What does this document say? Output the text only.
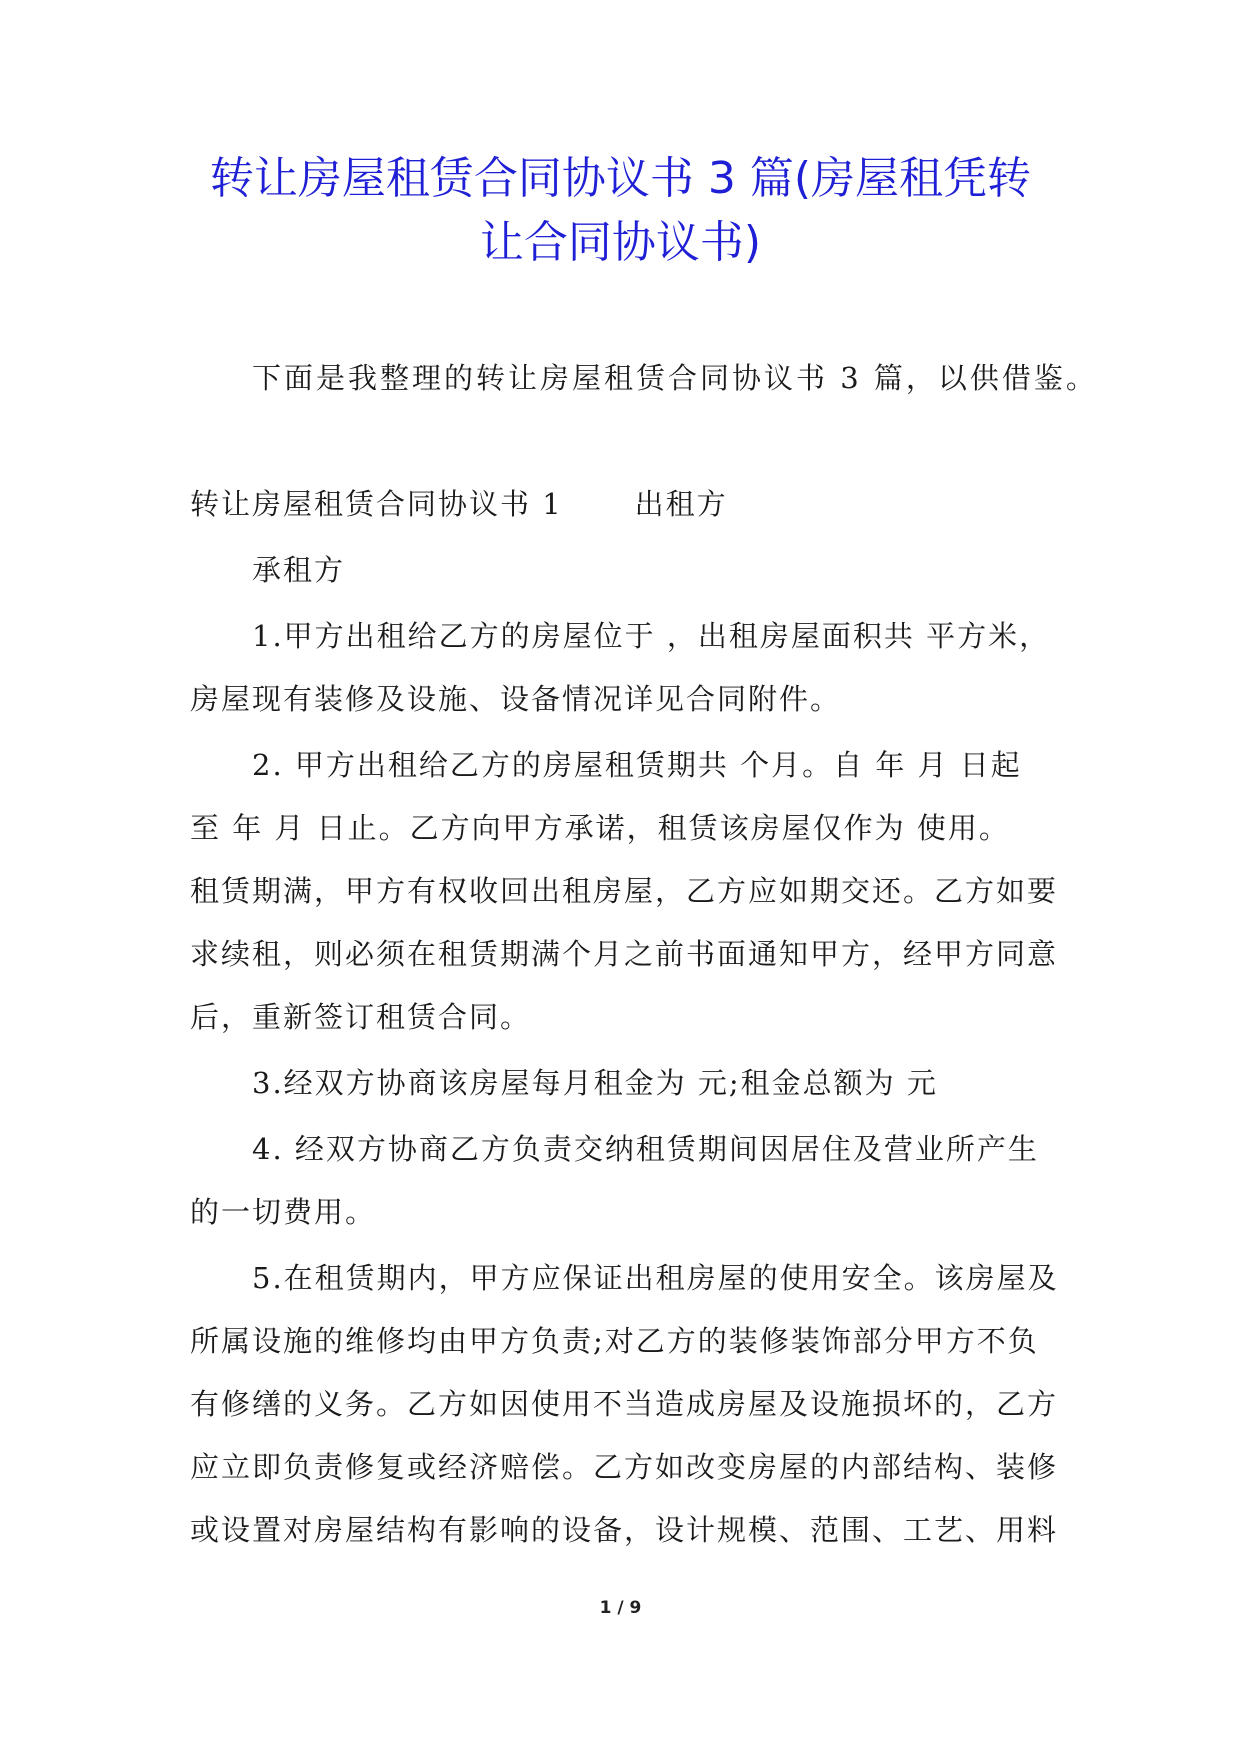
转让房屋租赁合同协议书 3 篇(房屋租凭转
让合同协议书)
下面是我整理的转让房屋租赁合同协议书 3 篇，以供借鉴。
转让房屋租赁合同协议书 1 出租方
承租方
1.甲方出租给乙方的房屋位于 ，出租房屋面积共 平方米，
房屋现有装修及设施、设备情况详见合同附件。
2. 甲方出租给乙方的房屋租赁期共 个月。自 年 月 日起
至 年 月 日止。乙方向甲方承诺，租赁该房屋仅作为 使用。
租赁期满，甲方有权收回出租房屋，乙方应如期交还。乙方如要
求续租，则必须在租赁期满个月之前书面通知甲方，经甲方同意
后，重新签订租赁合同。
3.经双方协商该房屋每月租金为 元;租金总额为 元
4. 经双方协商乙方负责交纳租赁期间因居住及营业所产生
的一切费用。
5.在租赁期内，甲方应保证出租房屋的使用安全。该房屋及
所属设施的维修均由甲方负责;对乙方的装修装饰部分甲方不负
有修缮的义务。乙方如因使用不当造成房屋及设施损坏的，乙方
应立即负责修复或经济赔偿。乙方如改变房屋的内部结构、装修
或设置对房屋结构有影响的设备，设计规模、范围、工艺、用料
1 / 9
